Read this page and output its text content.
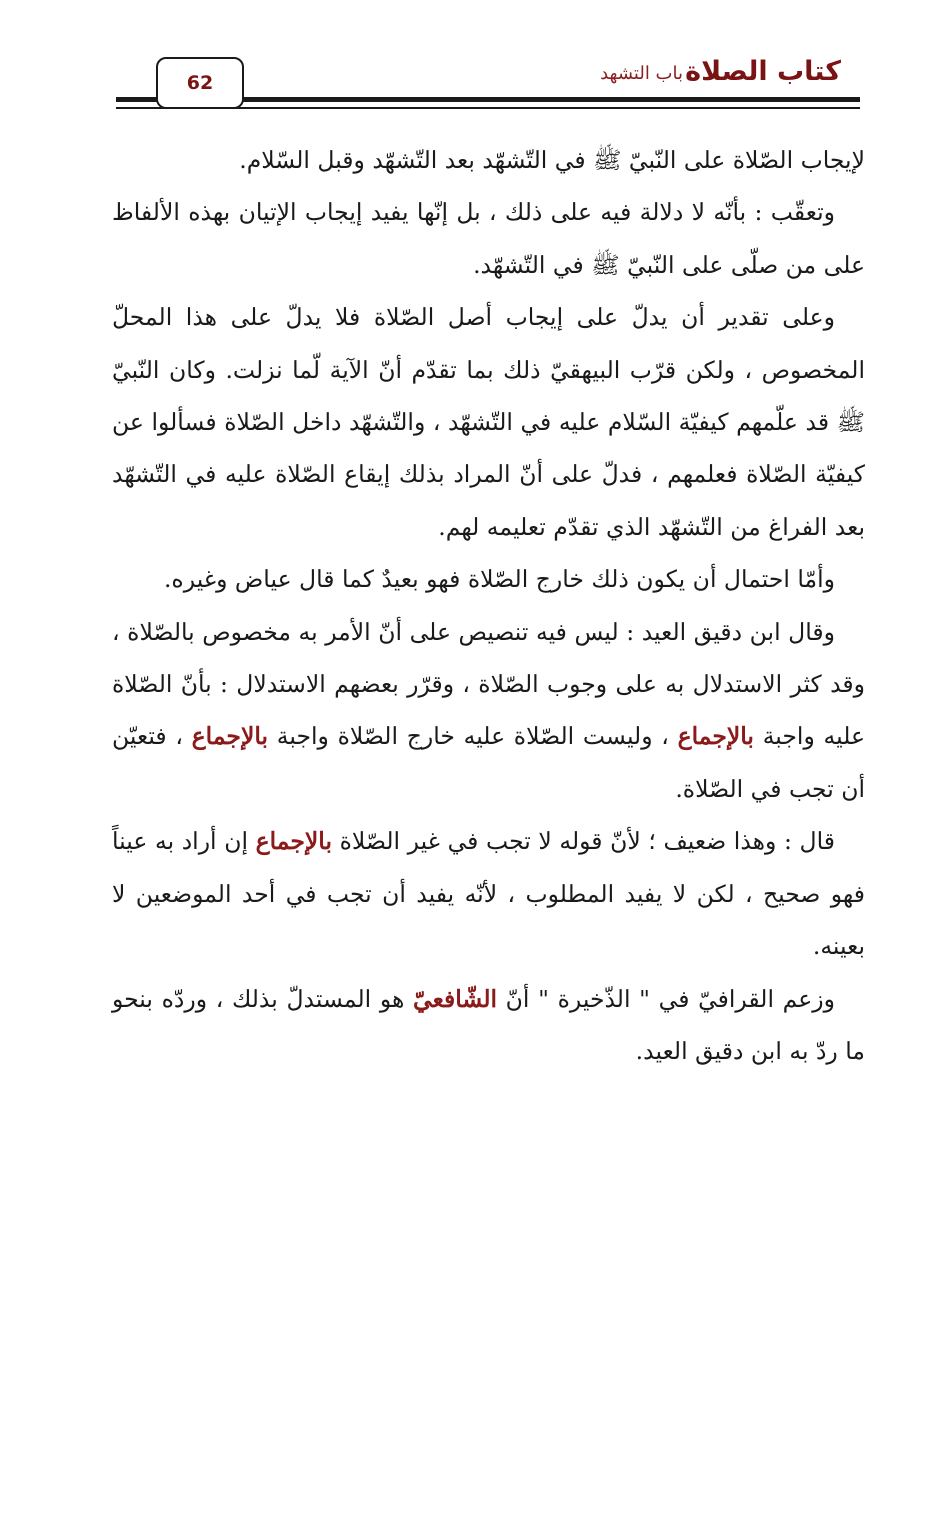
كتاب الصلاة
باب التشهد
62

لإيجاب الصّلاة على النّبيّ ﷺ في التّشهّد بعد التّشهّد وقبل السّلام.

وتعقّب : بأنّه لا دلالة فيه على ذلك ، بل إنّها يفيد إيجاب الإتيان بهذه الألفاظ على من صلّى على النّبيّ ﷺ في التّشهّد.

وعلى تقدير أن يدلّ على إيجاب أصل الصّلاة فلا يدلّ على هذا المحلّ المخصوص ، ولكن قرّب البيهقيّ ذلك بما تقدّم أنّ الآية لّما نزلت. وكان النّبيّ ﷺ قد علّمهم كيفيّة السّلام عليه في التّشهّد ، والتّشهّد داخل الصّلاة فسألوا عن كيفيّة الصّلاة فعلمهم ، فدلّ على أنّ المراد بذلك إيقاع الصّلاة عليه في التّشهّد بعد الفراغ من التّشهّد الذي تقدّم تعليمه لهم.

وأمّا احتمال أن يكون ذلك خارج الصّلاة فهو بعيدٌ كما قال عياض وغيره.

وقال ابن دقيق العيد : ليس فيه تنصيص على أنّ الأمر به مخصوص بالصّلاة ، وقد كثر الاستدلال به على وجوب الصّلاة ، وقرّر بعضهم الاستدلال : بأنّ الصّلاة عليه واجبة بالإجماع ، وليست الصّلاة عليه خارج الصّلاة واجبة بالإجماع ، فتعيّن أن تجب في الصّلاة.

قال : وهذا ضعيف ؛ لأنّ قوله لا تجب في غير الصّلاة بالإجماع إن أراد به عيناً فهو صحيح ، لكن لا يفيد المطلوب ، لأنّه يفيد أن تجب في أحد الموضعين لا بعينه.

وزعم القرافيّ في " الذّخيرة " أنّ الشّافعيّ هو المستدلّ بذلك ، وردّه بنحو ما ردّ به ابن دقيق العيد.
